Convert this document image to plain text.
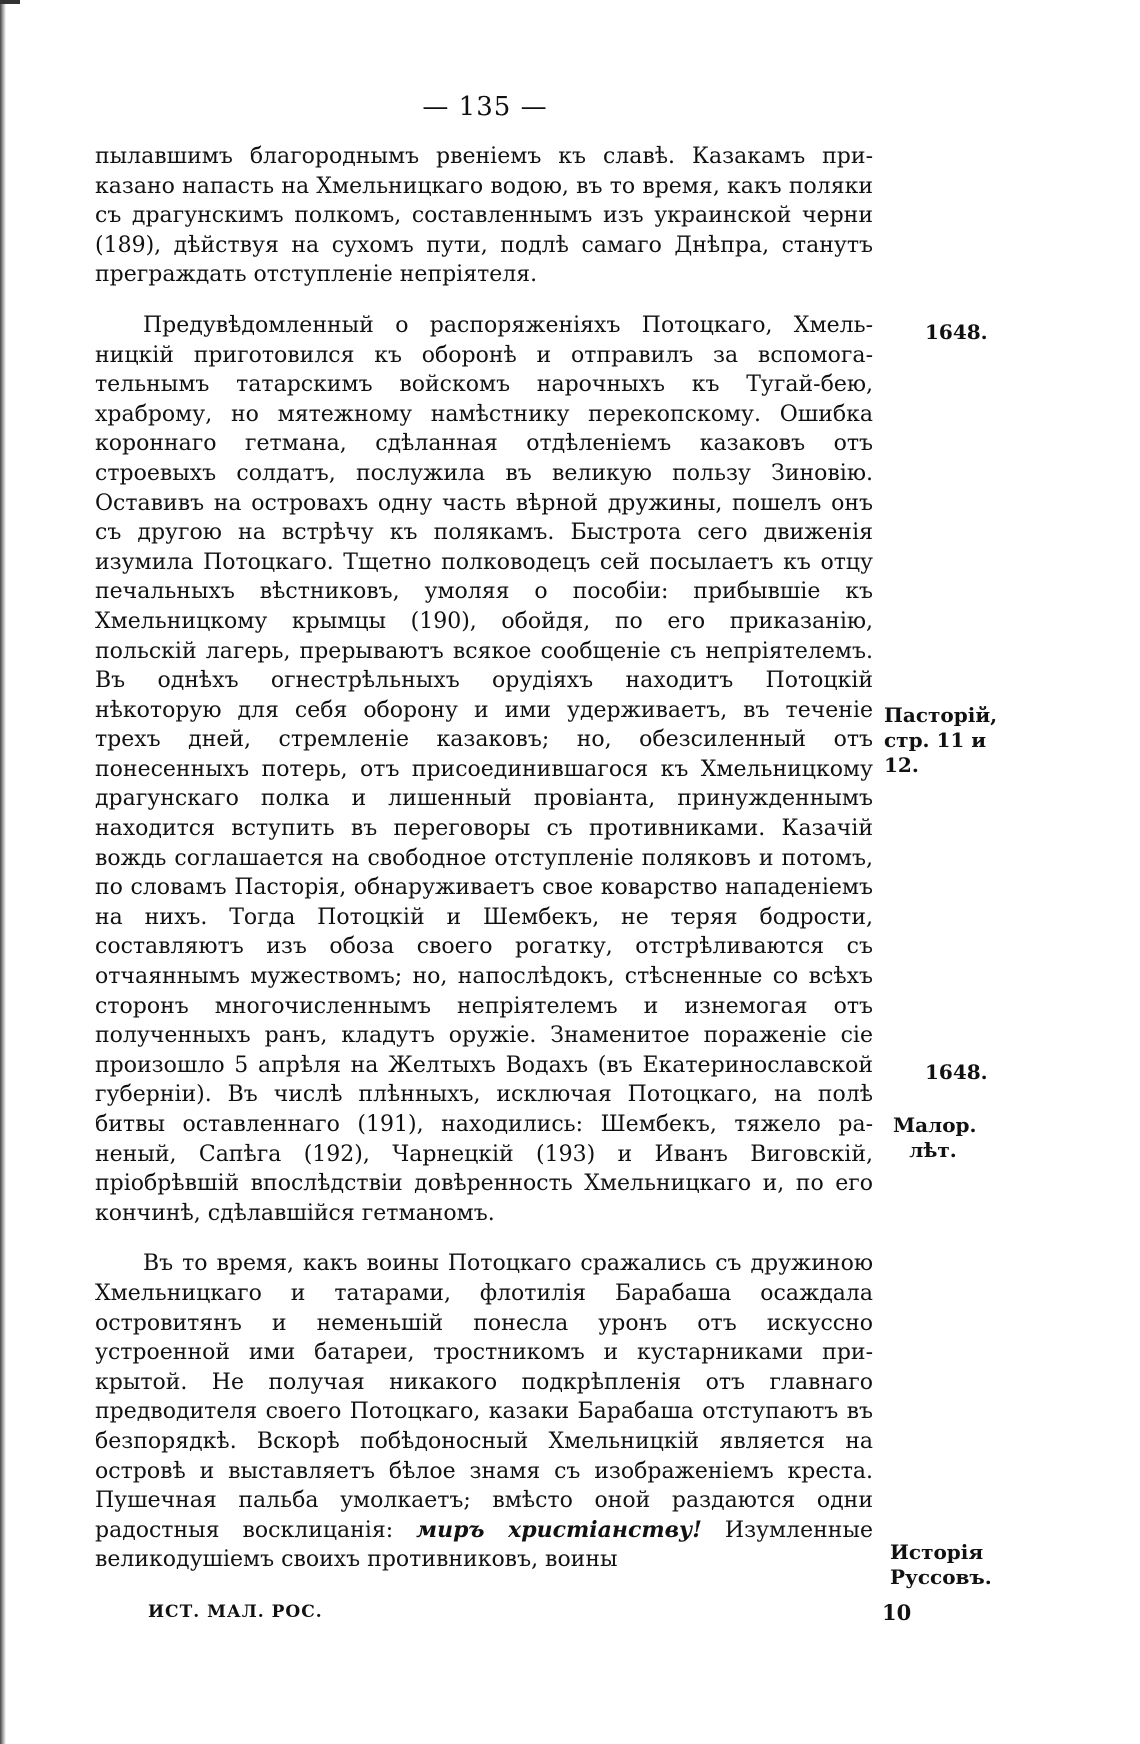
— 135 —

пылавшимъ благороднымъ рвенiемъ къ славѣ. Казакамъ приказано напасть на Хмельницкаго водою, въ то время, какъ поляки съ драгунскимъ полкомъ, составленнымъ изъ украинской черни (189), дѣйствуя на сухомъ пути, подлѣ самаго Днѣпра, станутъ преграждать отступленiе непрiятеля.

Предувѣдомленный о распоряженiяхъ Потоцкаго, Хмельницкiй приготовился къ оборонѣ и отправилъ за вспомогательнымъ татарскимъ войскомъ нарочныхъ къ Тугай-бею, храброму, но мятежному намѣстнику перекопскому. Ошибка короннаго гетмана, сдѣланная отдѣленiемъ казаковъ отъ строевыхъ солдатъ, послужила въ великую пользу Зиновiю. Оставивъ на островахъ одну часть вѣрной дружины, пошелъ онъ съ другою на встрѣчу къ полякамъ. Быстрота сего движенiя изумила Потоцкаго. Тщетно полководецъ сей посылаетъ къ отцу печальныхъ вѣстниковъ, умоляя о пособiи: прибывшiе къ Хмельницкому крымцы (190), обойдя, по его приказанiю, польскiй лагерь, прерываютъ всякое сообщенiе съ непрiятелемъ. Въ однѣхъ огнестрѣльныхъ орудiяхъ находитъ Потоцкiй нѣкоторую для себя оборону и ими удерживаетъ, въ теченiе трехъ дней, стремленiе казаковъ; но, обезсиленный отъ понесенныхъ потерь, отъ присоединившагося къ Хмельницкому драгунскаго полка и лишенный провiанта, принужденнымъ находится вступить въ переговоры съ противниками. Казачiй вождь соглашается на свободное отступленiе поляковъ и потомъ, по словамъ Пасторiя, обнаруживаетъ свое коварство нападенiемъ на нихъ. Тогда Потоцкiй и Шембекъ, не теряя бодрости, составляютъ изъ обоза своего рогатку, отстрѣливаются съ отчаяннымъ мужествомъ; но, напослѣдокъ, стѣсненные со всѣхъ сторонъ многочисленнымъ непрiятелемъ и изнемогая отъ полученныхъ ранъ, кладутъ оружiе. Знаменитое пораженiе сiе произошло 5 апрѣля на Желтыхъ Водахъ (въ Екатеринославской губернiи). Въ числѣ плѣнныхъ, исключая Потоцкаго, на полѣ битвы оставленнаго (191), находились: Шембекъ, тяжело раненый, Сапѣга (192), Чарнецкiй (193) и Иванъ Виговскiй, прiобрѣвшiй впослѣдствiи довѣренность Хмельницкаго и, по его кончинѣ, сдѣлавшiйся гетманомъ.

Въ то время, какъ воины Потоцкаго сражались съ дружиною Хмельницкаго и татарами, флотилiя Барабаша осаждала островитянъ и неменьшiй понесла уронъ отъ искусcно устроенной ими батареи, тростникомъ и кустарниками прикрытой. Не получая никакого подкрѣпленiя отъ главнаго предводителя своего Потоцкаго, казаки Барабаша отступаютъ въ безпорядкѣ. Вскорѣ побѣдоносный Хмельницкiй является на островѣ и выставляетъ бѣлое знамя съ изображенiемъ креста. Пушечная пальба умолкаетъ; вмѣсто оной раздаются одни радостныя восклицанiя: миръ христiанству! Изумленные великодушiемъ своихъ противниковъ, воины

1648.
Пасторiй, стр. 11 и 12.
1648.
Малор. лѣт.
Исторiя Руссовъ.
ИСТ. МАЛ. РОС.	10
